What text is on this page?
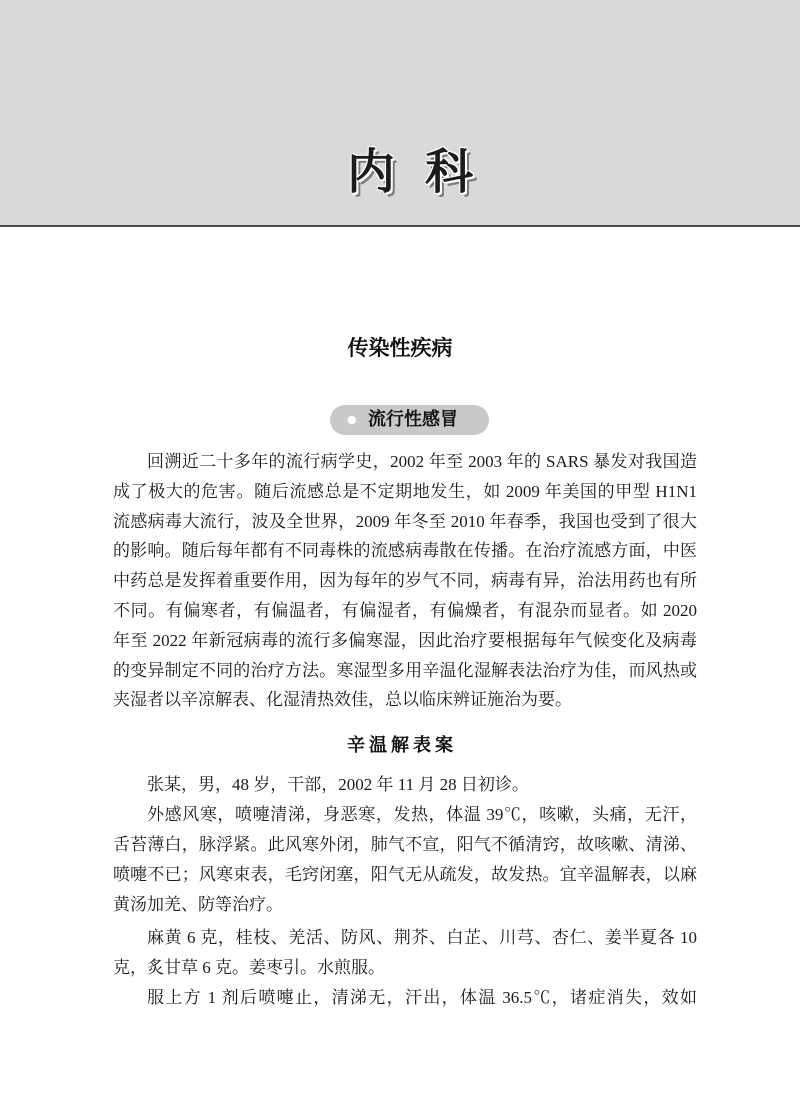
内科
传染性疾病
● 流行性感冒
回溯近二十多年的流行病学史，2002 年至 2003 年的 SARS 暴发对我国造
成了极大的危害。随后流感总是不定期地发生，如 2009 年美国的甲型 H1N1
流感病毒大流行，波及全世界，2009 年冬至 2010 年春季，我国也受到了很大
的影响。随后每年都有不同毒株的流感病毒散在传播。在治疗流感方面，中医
中药总是发挥着重要作用，因为每年的岁气不同，病毒有异，治法用药也有所
不同。有偏寒者，有偏温者，有偏湿者，有偏燥者，有混杂而显者。如 2020
年至 2022 年新冠病毒的流行多偏寒湿，因此治疗要根据每年气候变化及病毒
的变异制定不同的治疗方法。寒湿型多用辛温化湿解表法治疗为佳，而风热或
夹湿者以辛凉解表、化湿清热效佳，总以临床辨证施治为要。
辛温解表案
张某，男，48 岁，干部，2002 年 11 月 28 日初诊。
外感风寒，喷嚏清涕，身恶寒，发热，体温 39℃，咳嗽，头痛，无汗，
舌苔薄白，脉浮紧。此风寒外闭，肺气不宣，阳气不循清窍，故咳嗽、清涕、
喷嚏不已；风寒束表，毛窍闭塞，阳气无从疏发，故发热。宜辛温解表，以麻
黄汤加羌、防等治疗。
麻黄 6 克，桂枝、羌活、防风、荆芥、白芷、川芎、杏仁、姜半夏各 10
克，炙甘草 6 克。姜枣引。水煎服。
服上方 1 剂后喷嚏止，清涕无，汗出，体温 36.5℃，诸症消失，效如
